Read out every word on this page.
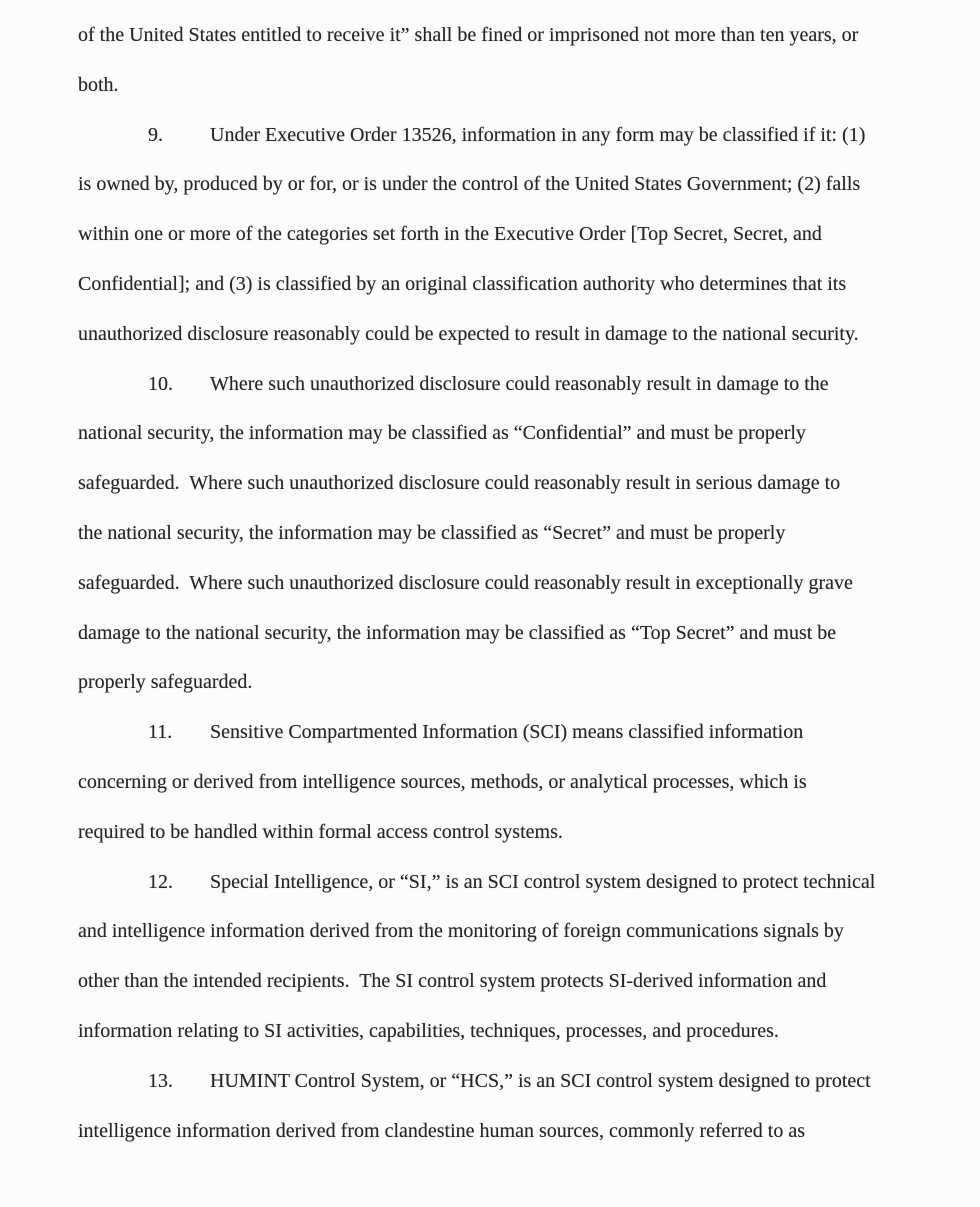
of the United States entitled to receive it” shall be fined or imprisoned not more than ten years, or
both.
9. Under Executive Order 13526, information in any form may be classified if it: (1)
is owned by, produced by or for, or is under the control of the United States Government; (2) falls
within one or more of the categories set forth in the Executive Order [Top Secret, Secret, and
Confidential]; and (3) is classified by an original classification authority who determines that its
unauthorized disclosure reasonably could be expected to result in damage to the national security.
10. Where such unauthorized disclosure could reasonably result in damage to the
national security, the information may be classified as “Confidential” and must be properly
safeguarded.  Where such unauthorized disclosure could reasonably result in serious damage to
the national security, the information may be classified as “Secret” and must be properly
safeguarded.  Where such unauthorized disclosure could reasonably result in exceptionally grave
damage to the national security, the information may be classified as “Top Secret” and must be
properly safeguarded.
11. Sensitive Compartmented Information (SCI) means classified information
concerning or derived from intelligence sources, methods, or analytical processes, which is
required to be handled within formal access control systems.
12. Special Intelligence, or “SI,” is an SCI control system designed to protect technical
and intelligence information derived from the monitoring of foreign communications signals by
other than the intended recipients.  The SI control system protects SI-derived information and
information relating to SI activities, capabilities, techniques, processes, and procedures.
13. HUMINT Control System, or “HCS,” is an SCI control system designed to protect
intelligence information derived from clandestine human sources, commonly referred to as
